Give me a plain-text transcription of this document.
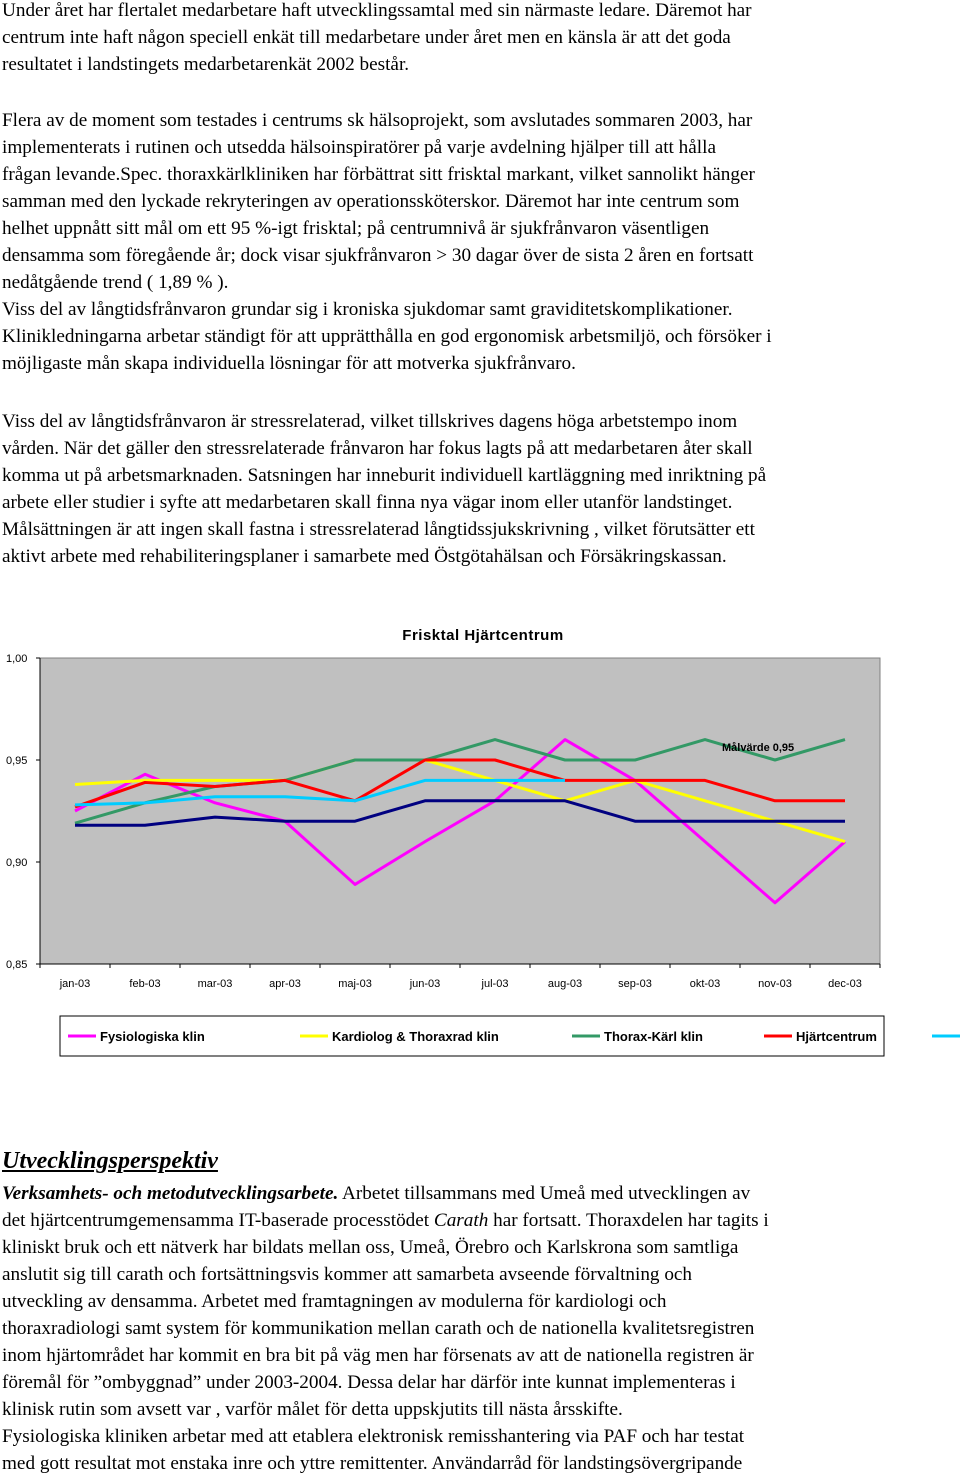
Under året har flertalet medarbetare haft utvecklingssamtal med sin närmaste ledare. Däremot har
centrum inte haft någon speciell enkät till medarbetare under året men en känsla är att det goda
resultatet i landstingets medarbetarenkät 2002 består.
Flera av de moment som testades i centrums sk hälsoprojekt, som avslutades sommaren 2003, har
implementerats i rutinen och utsedda hälsoinspiratörer på varje avdelning hjälper till att hålla
frågan levande.Spec. thoraxkärlkliniken har förbättrat sitt frisktal markant, vilket sannolikt hänger
samman med den lyckade rekryteringen av operationssköterskor. Däremot har inte centrum som
helhet uppnått sitt mål om ett 95 %-igt frisktal; på centrumnivå är sjukfrånvaron väsentligen
densamma som föregående år; dock visar sjukfrånvaron > 30 dagar över de sista 2 åren en fortsatt
nedåtgående trend ( 1,89 % ).
Viss del av långtidsfrånvaron grundar sig i kroniska sjukdomar samt graviditetskomplikationer.
Klinikledningarna arbetar ständigt för att upprätthålla en god ergonomisk arbetsmiljö, och försöker i
möjligaste mån skapa individuella lösningar för att motverka sjukfrånvaro.
Viss del av långtidsfrånvaron är stressrelaterad, vilket tillskrives dagens höga arbetstempo inom
vården. När det gäller den stressrelaterade frånvaron har fokus lagts på att medarbetaren åter skall
komma ut på arbetsmarknaden. Satsningen har inneburit individuell kartläggning med inriktning på
arbete eller studier i syfte att medarbetaren skall finna nya vägar inom eller utanför landstinget.
Målsättningen är att ingen skall fastna i stressrelaterad långtidssjukskrivning , vilket förutsätter ett
aktivt arbete med rehabiliteringsplaner i samarbete med Östgötahälsan och Försäkringskassan.
Frisktal Hjärtcentrum
0,85
0,90
0,95
1,00
jan-03	feb-03	mar-03	apr-03	maj-03	jun-03	jul-03	aug-03	sep-03	okt-03	nov-03	dec-03
Målvärde 0,95
Fysiologiska klin	Kardiolog & Thoraxrad klin	Thorax-Kärl klin	Hjärtcentrum
Utvecklingsperspektiv
Verksamhets- och metodutvecklingsarbete. Arbetet tillsammans med Umeå med utvecklingen av
det hjärtcentrumgemensamma IT-baserade processtödet Carath har fortsatt. Thoraxdelen har tagits i
kliniskt bruk och ett nätverk har bildats mellan oss, Umeå, Örebro och Karlskrona som samtliga
anslutit sig till carath och fortsättningsvis kommer att samarbeta avseende förvaltning och
utveckling av densamma. Arbetet med framtagningen av modulerna för kardiologi och
thoraxradiologi samt system för kommunikation mellan carath och de nationella kvalitetsregistren
inom hjärtområdet har kommit en bra bit på väg men har försenats av att de nationella registren är
föremål för ”ombyggnad” under 2003-2004. Dessa delar har därför inte kunnat implementeras i
klinisk rutin som avsett var , varför målet för detta uppskjutits till nästa årsskifte.
Fysiologiska kliniken arbetar med att etablera elektronisk remisshantering via PAF och har testat
med gott resultat mot enstaka inre och yttre remittenter. Användarråd för landstingsövergripande
